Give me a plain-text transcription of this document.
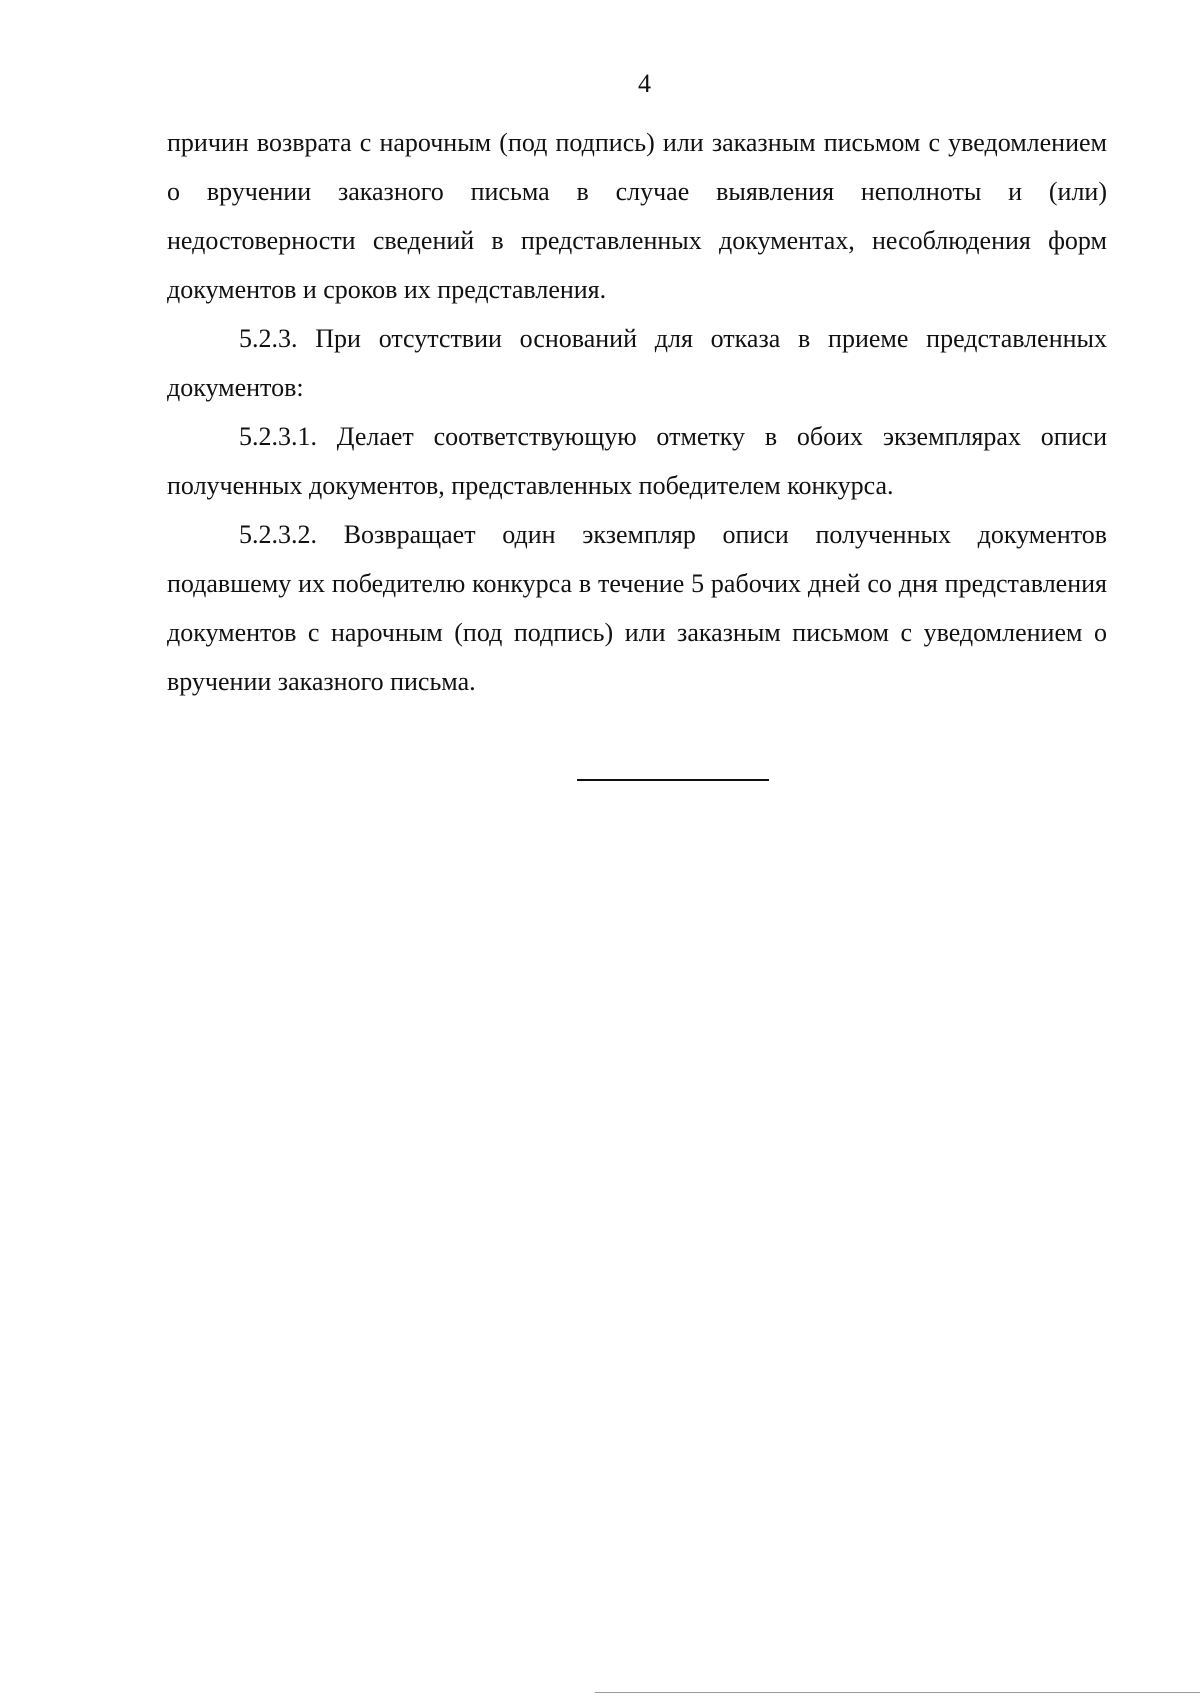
4

причин возврата с нарочным (под подпись) или заказным письмом с уведомлением о вручении заказного письма в случае выявления неполноты и (или) недостоверности сведений в представленных документах, несоблюдения форм документов и сроков их представления.

5.2.3. При отсутствии оснований для отказа в приеме представленных документов:

5.2.3.1. Делает соответствующую отметку в обоих экземплярах описи полученных документов, представленных победителем конкурса.

5.2.3.2. Возвращает один экземпляр описи полученных документов подавшему их победителю конкурса в течение 5 рабочих дней со дня представления документов с нарочным (под подпись) или заказным письмом с уведомлением о вручении заказного письма.
